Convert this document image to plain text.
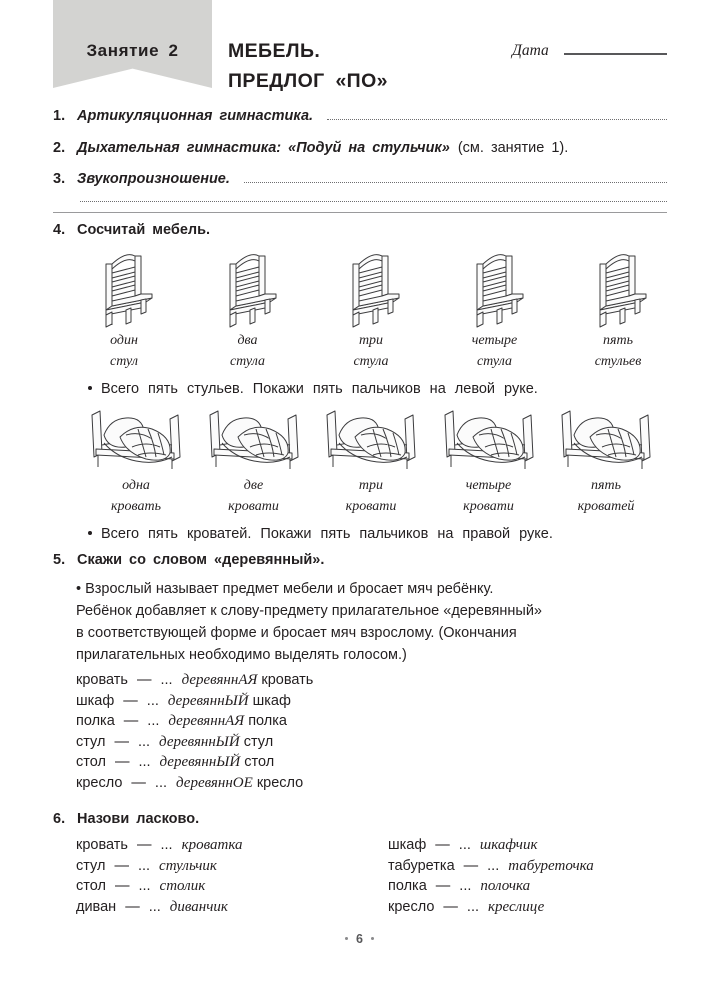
Занятие 2	МЕБЕЛЬ.
ПРЕДЛОГ «ПО»
Дата
1. Артикуляционная гимнастика.
2. Дыхательная гимнастика: «Подуй на стульчик» (см. занятие 1).
3. Звукопроизношение.
4. Сосчитай мебель.
один
стул
два
стула
три
стула
четыре
стула
пять
стульев
Всего пять стульев. Покажи пять пальчиков на левой руке.
одна
кровать
две
кровати
три
кровати
четыре
кровати
пять
кроватей
Всего пять кроватей. Покажи пять пальчиков на правой руке.
5. Скажи со словом «деревянный».
• Взрослый называет предмет мебели и бросает мяч ребёнку.
Ребёнок добавляет к слову-предмету прилагательное «деревянный»
в соответствующей форме и бросает мяч взрослому. (Окончания
прилагательных необходимо выделять голосом.)
кровать — ... деревяннАЯ кровать
шкаф — ... деревяннЫЙ шкаф
полка — ... деревяннАЯ полка
стул — ... деревяннЫЙ стул
стол — ... деревяннЫЙ стол
кресло — ... деревяннОЕ кресло
6. Назови ласково.
кровать — ... кроватка
стул — ... стульчик
стол — ... столик
диван — ... диванчик
шкаф — ... шкафчик
табуретка — ... табуреточка
полка — ... полочка
кресло — ... креслице
6
